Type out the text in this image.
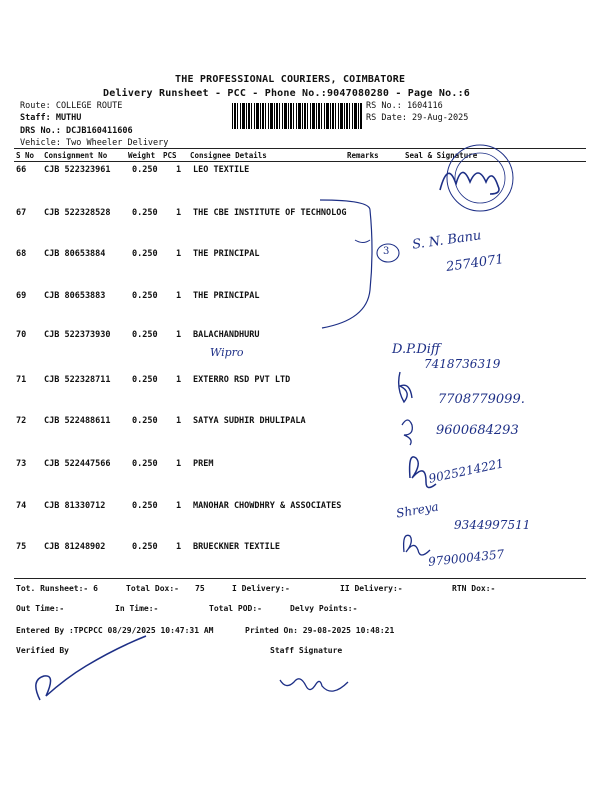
THE PROFESSIONAL COURIERS, COIMBATORE
Delivery Runsheet - PCC - Phone No.:9047080280 - Page No.:6
Route: COLLEGE ROUTE
Staff: MUTHU
DRS No.: DCJB160411606
Vehicle: Two Wheeler Delivery
RS No.: 1604116
RS Date: 29-Aug-2025
S No Consignment No	Weight PCS Consignee Details	Remarks	Seal & Signature
66 CJB 522323961	0.250 1 LEO TEXTILE
67 CJB 522328528	0.250 1 THE CBE INSTITUTE OF TECHNOLOG
68 CJB 80653884	0.250 1 THE PRINCIPAL
69 CJB 80653883	0.250 1 THE PRINCIPAL
70 CJB 522373930	0.250 1 BALACHANDHURU
71 CJB 522328711	0.250 1 EXTERRO RSD PVT LTD
72 CJB 522488611	0.250 1 SATYA SUDHIR DHULIPALA
73 CJB 522447566	0.250 1 PREM
74 CJB 81330712	0.250 1 MANOHAR CHOWDHRY & ASSOCIATES
75 CJB 81248902	0.250 1 BRUECKNER TEXTILE
3 S. N. Banu
2574071
Wipro	D.P.Diff
7418736319
7708779099.
9600684293
9025214221
Shreya
9344997511
9790004357
Tot. Runsheet:- 6	Total Dox:- 75	I Delivery:-	II Delivery:-	RTN Dox:-
Out Time:-	In Time:-	Total POD:-	Delvy Points:-
Entered By :TPCPCC 08/29/2025 10:47:31 AM	Printed On: 29-08-2025 10:48:21
Verified By	Staff Signature
